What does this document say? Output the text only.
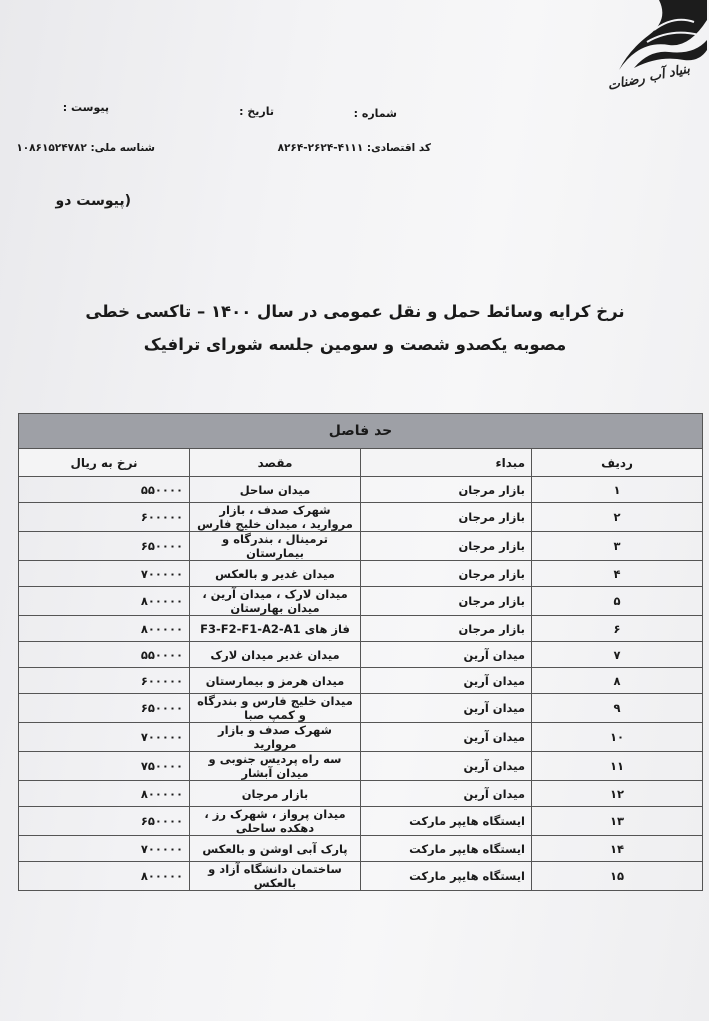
بنیاد آب رضنات
شماره :
تاریخ :
پیوست :
کد اقتصادی: ۴۱۱۱-۲۶۲۴-۸۲۶۴
شناسه ملی: ۱۰۸۶۱۵۲۴۷۸۲
(پیوست دو
نرخ کرایه وسائط حمل و نقل عمومی در سال ۱۴۰۰ – تاکسی خطی
مصوبه یکصدو شصت و سومین جلسه شورای ترافیک
حد فاصل			
ردیف	مبداء	مقصد	نرخ به ریال
۱	بازار مرجان	میدان ساحل	۵۵۰۰۰۰
۲	بازار مرجان	شهرک صدف ، بازار مروارید ، میدان خلیج فارس	۶۰۰۰۰۰
۳	بازار مرجان	ترمینال ، بندرگاه و بیمارستان	۶۵۰۰۰۰
۴	بازار مرجان	میدان غدیر و بالعکس	۷۰۰۰۰۰
۵	بازار مرجان	میدان لارک ، میدان آرین ، میدان بهارستان	۸۰۰۰۰۰
۶	بازار مرجان	فاز های F3-F2-F1-A2-A1	۸۰۰۰۰۰
۷	میدان آرین	میدان غدیر میدان لارک	۵۵۰۰۰۰
۸	میدان آرین	میدان هرمز و بیمارستان	۶۰۰۰۰۰
۹	میدان آرین	میدان خلیج فارس و بندرگاه و کمپ صبا	۶۵۰۰۰۰
۱۰	میدان آرین	شهرک صدف و بازار مروارید	۷۰۰۰۰۰
۱۱	میدان آرین	سه راه پردیس جنوبی و میدان آبشار	۷۵۰۰۰۰
۱۲	میدان آرین	بازار مرجان	۸۰۰۰۰۰
۱۳	ایستگاه هایپر مارکت	میدان پرواز ، شهرک رز ، دهکده ساحلی	۶۵۰۰۰۰
۱۴	ایستگاه هایپر مارکت	پارک آبی اوشن و بالعکس	۷۰۰۰۰۰
۱۵	ایستگاه هایپر مارکت	ساختمان دانشگاه آزاد و بالعکس	۸۰۰۰۰۰
